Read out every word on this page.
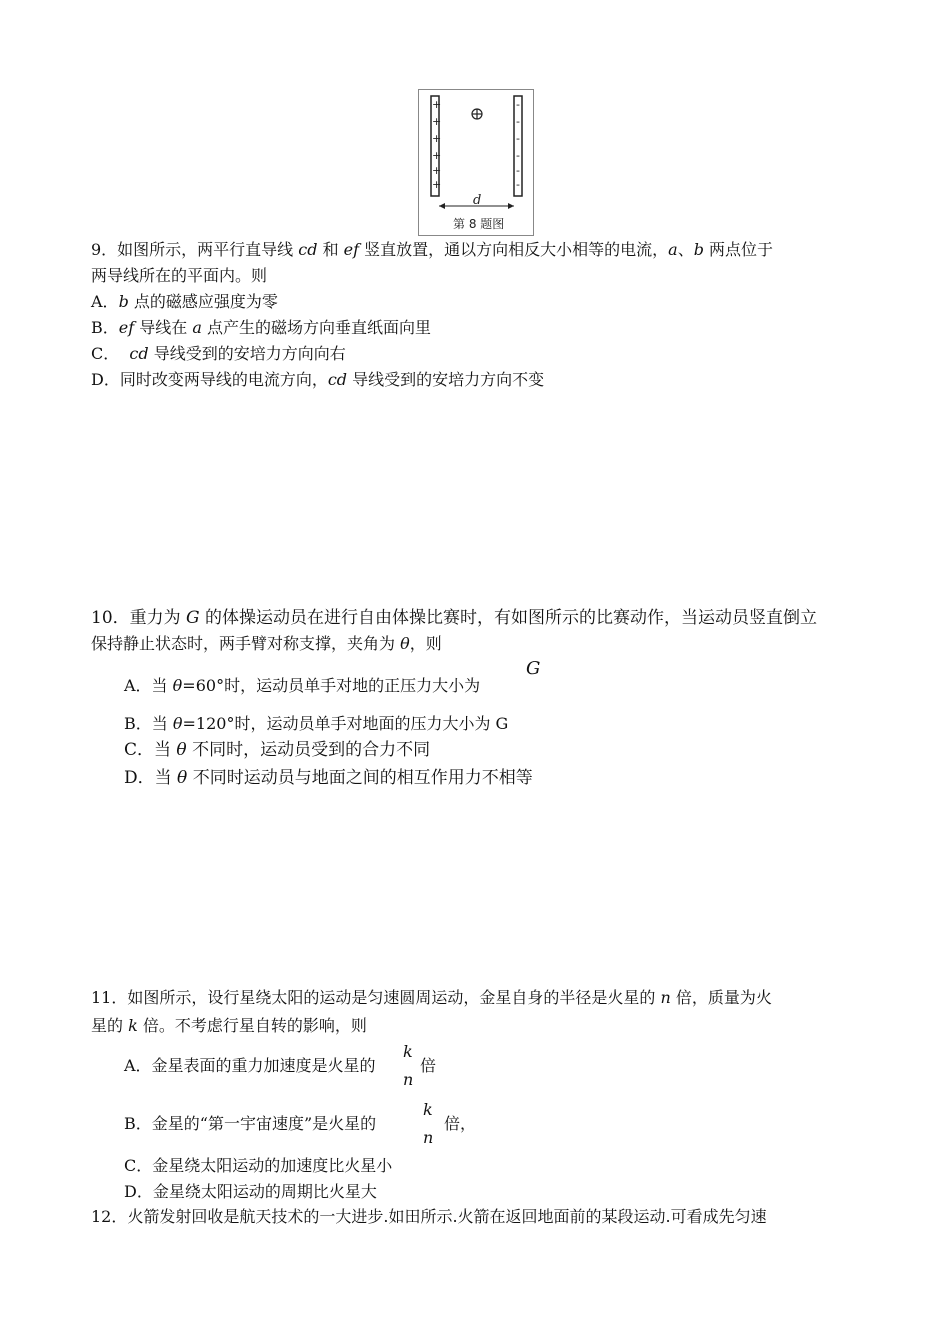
+
+
+
+
+
+
-
-
-
-
-
-
d
第 8 题图
9．如图所示，两平行直导线 cd 和 ef 竖直放置，通以方向相反大小相等的电流，a、b 两点位于
两导线所在的平面内。则
A．b 点的磁感应强度为零
B．ef 导线在 a 点产生的磁场方向垂直纸面向里
C．  cd 导线受到的安培力方向向右
D．同时改变两导线的电流方向，cd 导线受到的安培力方向不变
10．重力为 G 的体操运动员在进行自由体操比赛时，有如图所示的比赛动作，当运动员竖直倒立
保持静止状态时，两手臂对称支撑，夹角为 θ，则
A．当 θ=60°时，运动员单手对地的正压力大小为
G
B．当 θ=120°时，运动员单手对地面的压力大小为 G
C．当 θ 不同时，运动员受到的合力不同
D．当 θ 不同时运动员与地面之间的相互作用力不相等
11．如图所示，设行星绕太阳的运动是匀速圆周运动，金星自身的半径是火星的 n 倍，质量为火
星的 k 倍。不考虑行星自转的影响，则
A．金星表面的重力加速度是火星的
k
n
倍
B．金星的“第一宇宙速度”是火星的
k
n
倍，
C．金星绕太阳运动的加速度比火星小
D．金星绕太阳运动的周期比火星大
12．火箭发射回收是航天技术的一大进步.如田所示.火箭在返回地面前的某段运动.可看成先匀速
